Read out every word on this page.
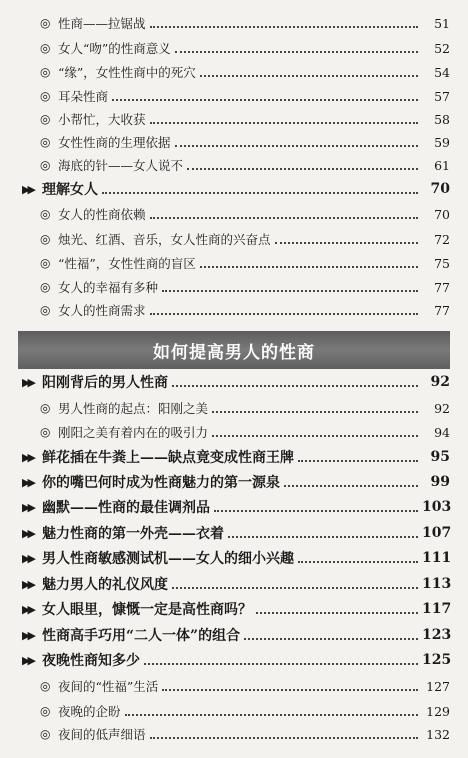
◎ 性商——拉锯战	51
◎ 女人“吻”的性商意义	52
◎ “缘”，女性性商中的死穴	54
◎ 耳朵性商	57
◎ 小帮忙，大收获	58
◎ 女性性商的生理依据	59
◎ 海底的针——女人说不	61
▶▶ 理解女人	70
◎ 女人的性商依赖	70
◎ 烛光、红酒、音乐，女人性商的兴奋点	72
◎ “性福”，女性性商的盲区	75
◎ 女人的幸福有多种	77
◎ 女人的性商需求	77
如何提高男人的性商
▶▶ 阳刚背后的男人性商	92
◎ 男人性商的起点：阳刚之美	92
◎ 刚阳之美有着内在的吸引力	94
▶▶ 鲜花插在牛粪上——缺点竟变成性商王牌	95
▶▶ 你的嘴巴何时成为性商魅力的第一源泉	99
▶▶ 幽默——性商的最佳调剂品	103
▶▶ 魅力性商的第一外壳——衣着	107
▶▶ 男人性商敏感测试机——女人的细小兴趣	111
▶▶ 魅力男人的礼仪风度	113
▶▶ 女人眼里，慷慨一定是高性商吗？	117
▶▶ 性商高手巧用“二人一体”的组合	123
▶▶ 夜晚性商知多少	125
◎ 夜间的“性福”生活	127
◎ 夜晚的企盼	129
◎ 夜间的低声细语	132
